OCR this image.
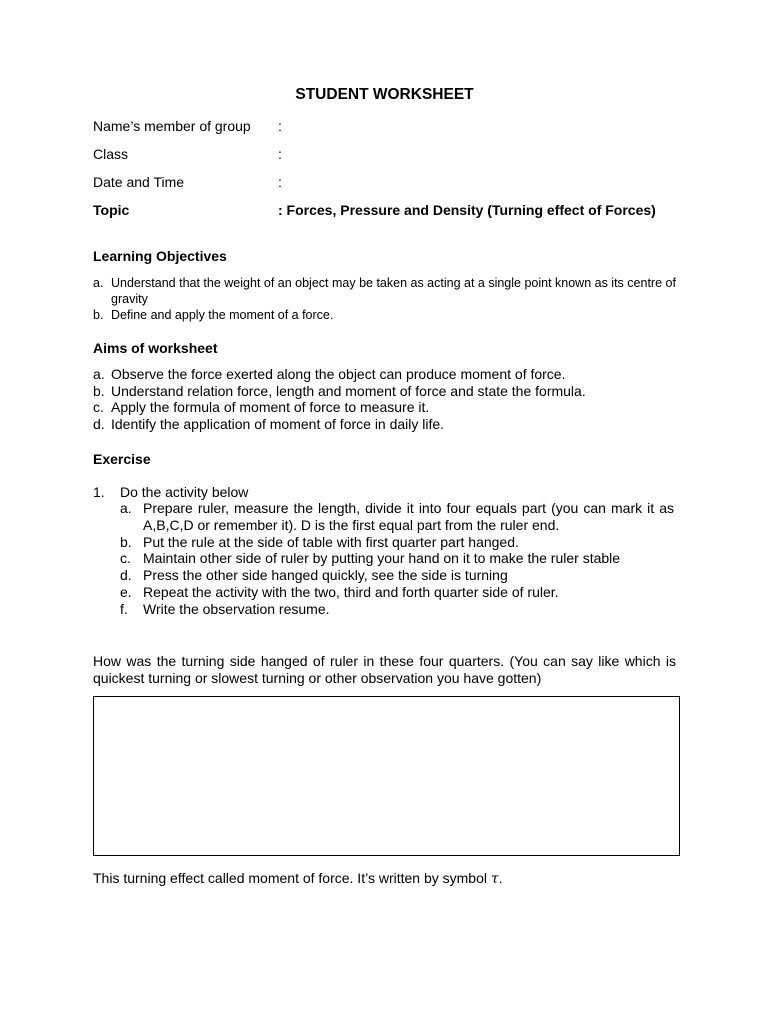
STUDENT WORKSHEET
Name’s member of group :
Class	:
Date and Time	:
Topic	: Forces, Pressure and Density (Turning effect of Forces)
Learning Objectives
a. Understand that the weight of an object may be taken as acting at a single point known as its centre of gravity
b. Define and apply the moment of a force.
Aims of worksheet
a. Observe the force exerted along the object can produce moment of force.
b. Understand relation force, length and moment of force and state the formula.
c. Apply the formula of moment of force to measure it.
d. Identify the application of moment of force in daily life.
Exercise
1. Do the activity below
a. Prepare ruler, measure the length, divide it into four equals part (you can mark it as A,B,C,D or remember it). D is the first equal part from the ruler end.
b. Put the rule at the side of table with first quarter part hanged.
c. Maintain other side of ruler by putting your hand on it to make the ruler stable
d. Press the other side hanged quickly, see the side is turning
e. Repeat the activity with the two, third and forth quarter side of ruler.
f. Write the observation resume.
How was the turning side hanged of ruler in these four quarters. (You can say like which is quickest turning or slowest turning or other observation you have gotten)
This turning effect called moment of force. It’s written by symbol τ.
